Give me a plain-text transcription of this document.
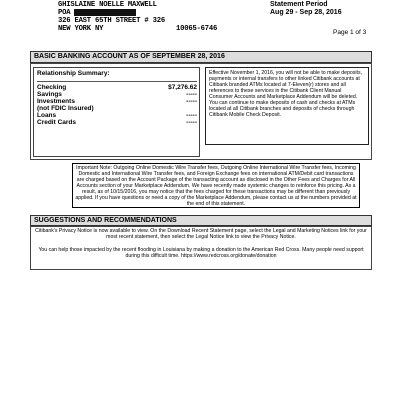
GHISLAINE NOELLE MAXWELL
POA
326 EAST 65TH STREET # 326
NEW YORK NY	10065-6746
Statement Period
Aug 29 - Sep 28, 2016
Page 1 of 3
BASIC BANKING ACCOUNT AS OF SEPTEMBER 28, 2016
Relationship Summary:
Checking	$7,276.62
Savings	-----
Investments	-----
(not FDIC Insured)
Loans	-----
Credit Cards	-----
Effective November 1, 2016, you will not be able to make deposits, payments or internal transfers to other linked Citibank accounts at Citibank branded ATMs located at 7-Eleven(r) stores and all references to these services in the Citibank Client Manual Consumer Accounts and Marketplace Addendum will be deleted. You can continue to make deposits of cash and checks at ATMs located at all Citibank branches and deposits of checks through Citibank Mobile Check Deposit.
Important Note: Outgoing Online Domestic Wire Transfer fees, Outgoing Online International Wire Transfer fees, Incoming Domestic and International Wire Transfer fees, and Foreign Exchange fees on international ATM/Debit card transactions are charged based on the Account Package of the transacting account as disclosed in the Other Fees and Charges for All Accounts section of your Marketplace Addendum. We have recently made systemic changes to reinforce this pricing. As a result, as of 10/15/2016, you may notice that the fees charged for these transactions may be different than previously applied. If you have questions or need a copy of the Marketplace Addendum, please contact us at the numbers provided at the end of this statement.
SUGGESTIONS AND RECOMMENDATIONS
Citibank's Privacy Notice is now available to view. On the Download Recent Statement page, select the Legal and Marketing Notices link for your most recent statement, then select the Legal Notice link to view the Privacy Notice.
You can help those impacted by the recent flooding in Louisiana by making a donation to the American Red Cross. Many people need support during this difficult time. https://www.redcross.org/donate/donation
